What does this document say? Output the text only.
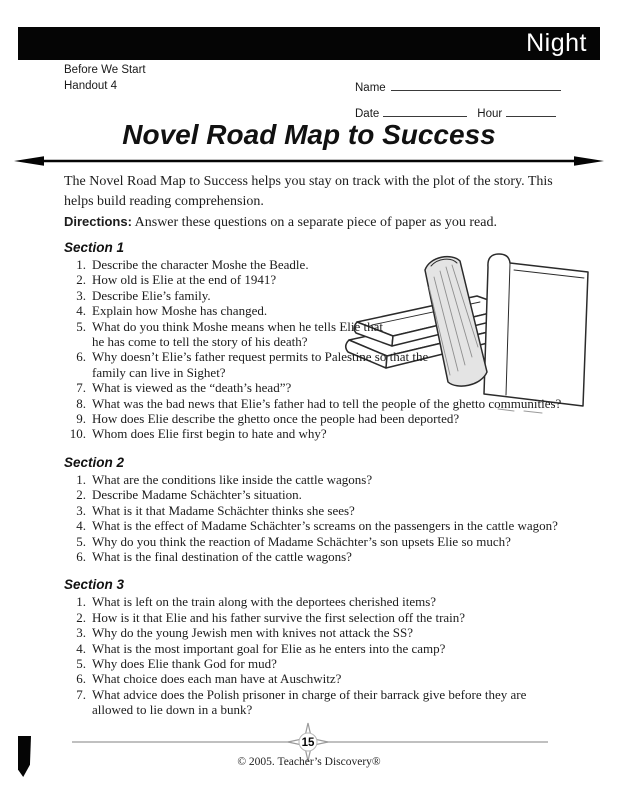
Night
Before We Start
Handout 4	Name
Date	Hour
Novel Road Map to Success

The Novel Road Map to Success helps you stay on track with the plot of the story. This helps build reading comprehension.

Directions: Answer these questions on a separate piece of paper as you read.

Section 1
Describe the character Moshe the Beadle.
How old is Elie at the end of 1941?
Describe Elie’s family.
Explain how Moshe has changed.
What do you think Moshe means when he tells Elie that he has come to tell the story of his death?
Why doesn’t Elie’s father request permits to Palestine so that the family can live in Sighet?
What is viewed as the “death’s head”?
What was the bad news that Elie’s father had to tell the people of the ghetto communities?
How does Elie describe the ghetto once the people had been deported?
Whom does Elie first begin to hate and why?
Section 2
What are the conditions like inside the cattle wagons?
Describe Madame Schächter’s situation.
What is it that Madame Schächter thinks she sees?
What is the effect of Madame Schächter’s screams on the passengers in the cattle wagon?
Why do you think the reaction of Madame Schächter’s son upsets Elie so much?
What is the final destination of the cattle wagons?
Section 3
What is left on the train along with the deportees cherished items?
How is it that Elie and his father survive the first selection off the train?
Why do the young Jewish men with knives not attack the SS?
What is the most important goal for Elie as he enters into the camp?
Why does Elie thank God for mud?
What choice does each man have at Auschwitz?
What advice does the Polish prisoner in charge of their barrack give before they are allowed to lie down in a bunk?
15

© 2005. Teacher’s Discovery®
